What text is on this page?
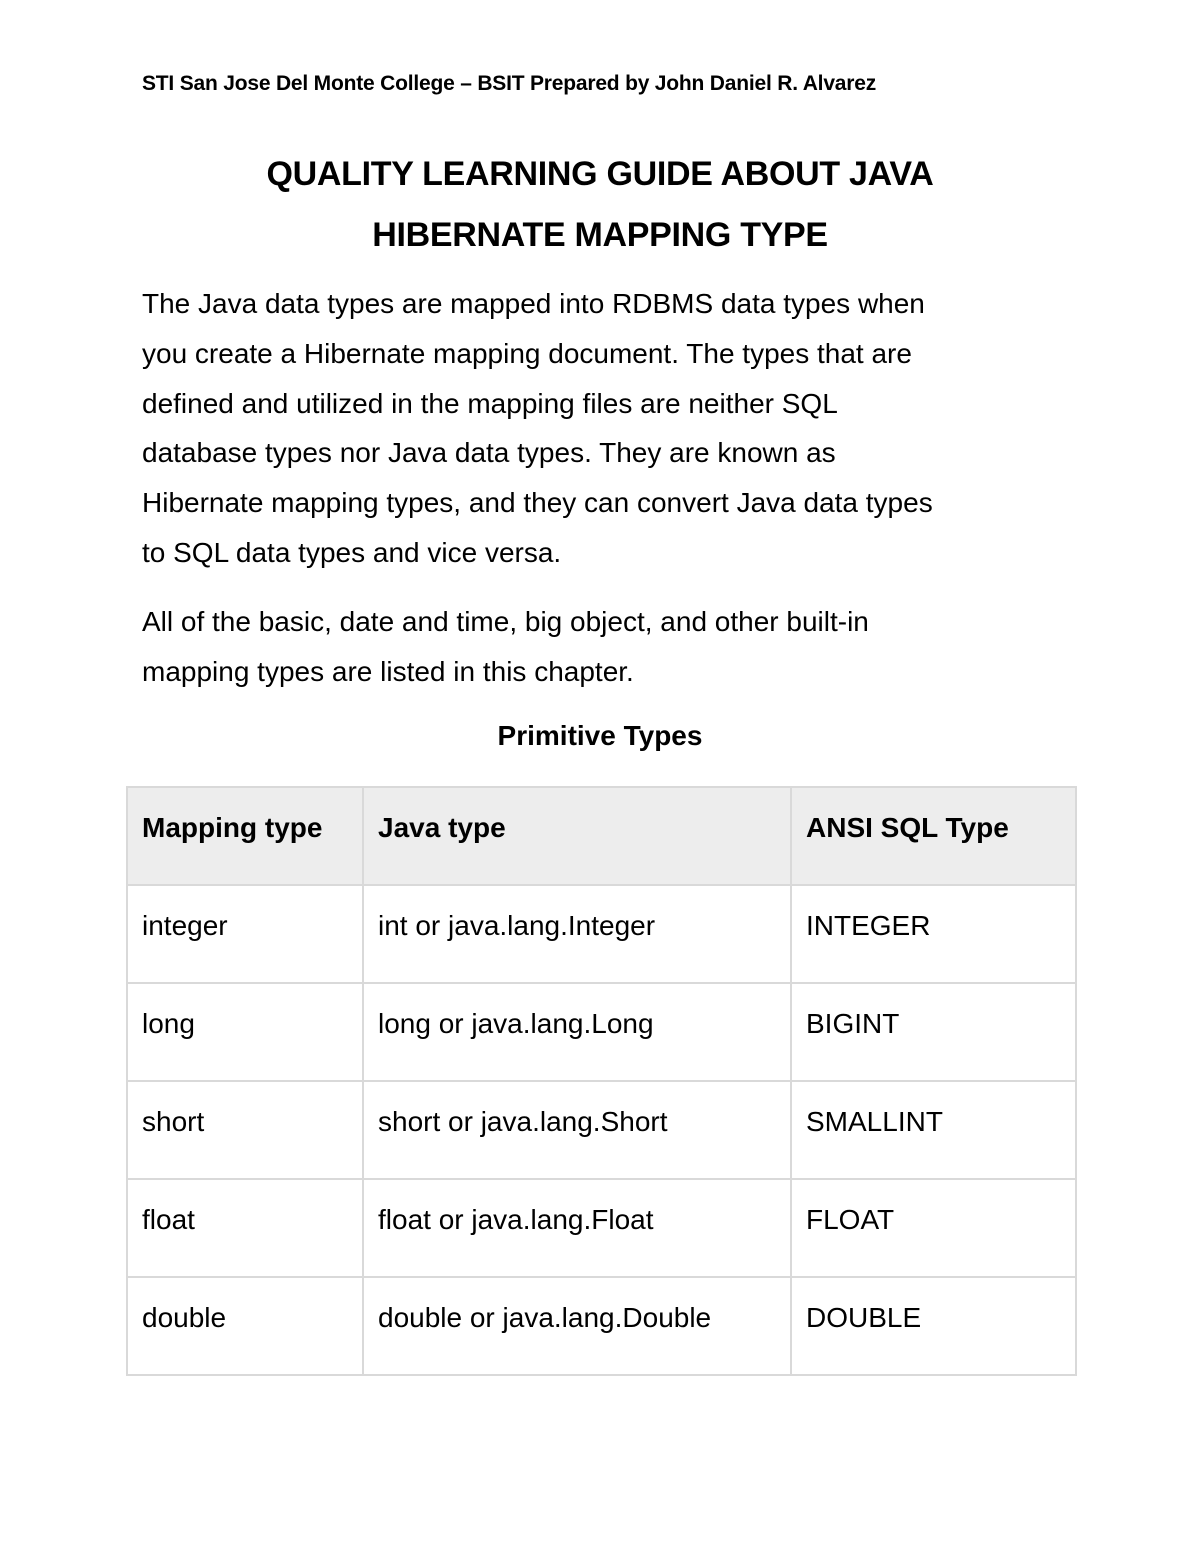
STI San Jose Del Monte College – BSIT Prepared by John Daniel R. Alvarez
QUALITY LEARNING GUIDE ABOUT JAVA
HIBERNATE MAPPING TYPE

The Java data types are mapped into RDBMS data types when
you create a Hibernate mapping document. The types that are
defined and utilized in the mapping files are neither SQL
database types nor Java data types. They are known as
Hibernate mapping types, and they can convert Java data types
to SQL data types and vice versa.

All of the basic, date and time, big object, and other built-in
mapping types are listed in this chapter.

Primitive Types
Mapping type	Java type	ANSI SQL Type
integer	int or java.lang.Integer	INTEGER
long	long or java.lang.Long	BIGINT
short	short or java.lang.Short	SMALLINT
float	float or java.lang.Float	FLOAT
double	double or java.lang.Double	DOUBLE
